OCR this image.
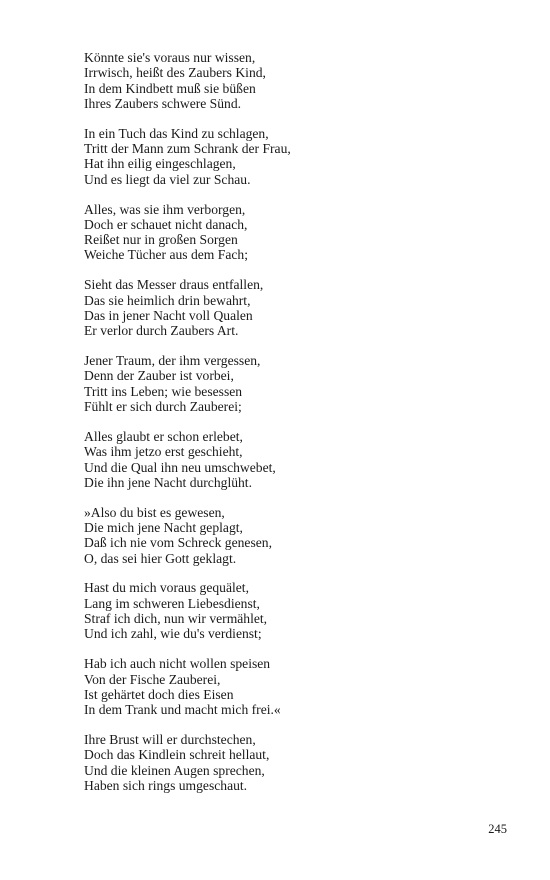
Könnte sie's voraus nur wissen,
Irrwisch, heißt des Zaubers Kind,
In dem Kindbett muß sie büßen
Ihres Zaubers schwere Sünd.
In ein Tuch das Kind zu schlagen,
Tritt der Mann zum Schrank der Frau,
Hat ihn eilig eingeschlagen,
Und es liegt da viel zur Schau.
Alles, was sie ihm verborgen,
Doch er schauet nicht danach,
Reißet nur in großen Sorgen
Weiche Tücher aus dem Fach;
Sieht das Messer draus entfallen,
Das sie heimlich drin bewahrt,
Das in jener Nacht voll Qualen
Er verlor durch Zaubers Art.
Jener Traum, der ihm vergessen,
Denn der Zauber ist vorbei,
Tritt ins Leben; wie besessen
Fühlt er sich durch Zauberei;
Alles glaubt er schon erlebet,
Was ihm jetzo erst geschieht,
Und die Qual ihn neu umschwebet,
Die ihn jene Nacht durchglüht.
»Also du bist es gewesen,
Die mich jene Nacht geplagt,
Daß ich nie vom Schreck genesen,
O, das sei hier Gott geklagt.
Hast du mich voraus gequälet,
Lang im schweren Liebesdienst,
Straf ich dich, nun wir vermählet,
Und ich zahl, wie du's verdienst;
Hab ich auch nicht wollen speisen
Von der Fische Zauberei,
Ist gehärtet doch dies Eisen
In dem Trank und macht mich frei.«
Ihre Brust will er durchstechen,
Doch das Kindlein schreit hellaut,
Und die kleinen Augen sprechen,
Haben sich rings umgeschaut.
245
